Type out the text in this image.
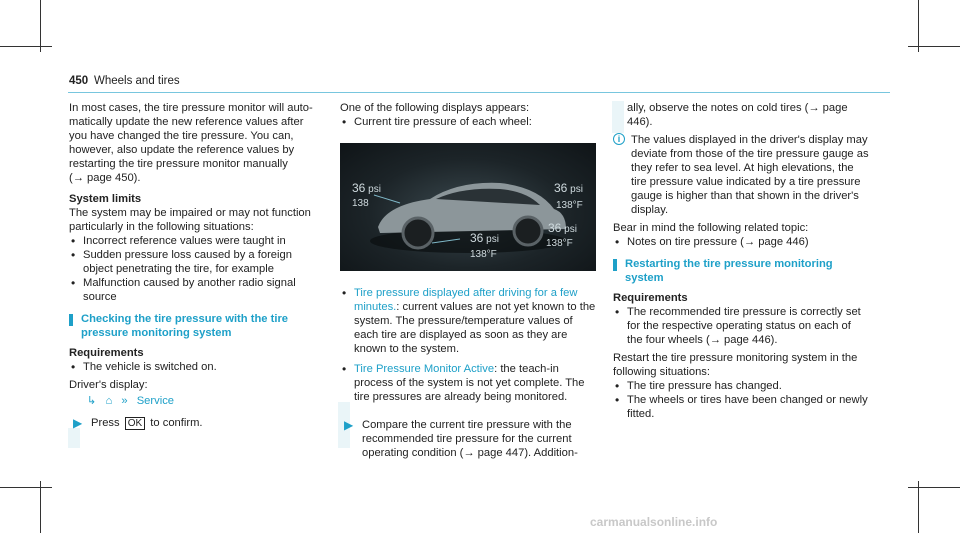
450 Wheels and tires
In most cases, the tire pressure monitor will auto-
matically update the new reference values after
you have changed the tire pressure. You can,
however, also update the reference values by
restarting the tire pressure monitor manually
(→ page 450).
System limits
The system may be impaired or may not function
particularly in the following situations:
• Incorrect reference values were taught in
• Sudden pressure loss caused by a foreign object penetrating the tire, for example
• Malfunction caused by another radio signal source
Checking the tire pressure with the tire pressure monitoring system
Requirements
• The vehicle is switched on.
Driver's display:
↳ ⌂ » Service
▶ Press OK to confirm.
One of the following displays appears:
• Current tire pressure of each wheel:
36 psi
138
36 psi
138°F
36 psi
138°F
36 psi
138°F
• Tire pressure displayed after driving for a few minutes.: current values are not yet known to the system. The pressure/temperature values of each tire are displayed as soon as they are known to the system.
• Tire Pressure Monitor Active: the teach-in process of the system is not yet complete. The tire pressures are already being monitored.
▶ Compare the current tire pressure with the recommended tire pressure for the current operating condition (→ page 447). Addition-
ally, observe the notes on cold tires (→ page 446).
i The values displayed in the driver's display may deviate from those of the tire pressure gauge as they refer to sea level. At high elevations, the tire pressure value indicated by a tire pressure gauge is higher than that shown in the driver's display.
Bear in mind the following related topic:
• Notes on tire pressure (→ page 446)
Restarting the tire pressure monitoring system
Requirements
• The recommended tire pressure is correctly set for the respective operating status on each of the four wheels (→ page 446).
Restart the tire pressure monitoring system in the following situations:
• The tire pressure has changed.
• The wheels or tires have been changed or newly fitted.
carmanualsonline.info
